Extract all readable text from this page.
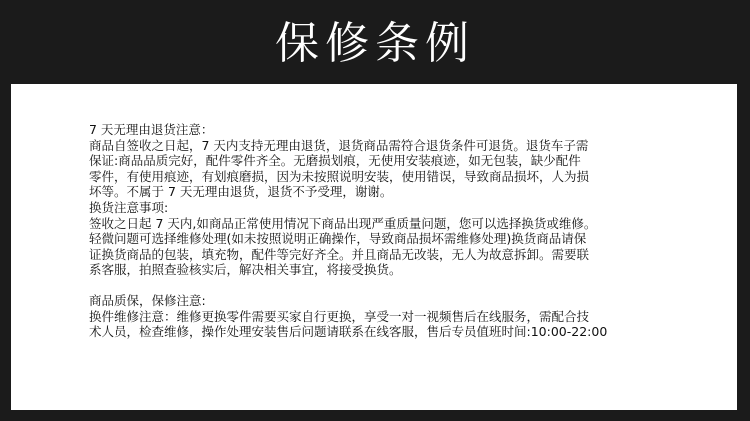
保修条例

7 天无理由退货注意：

商品自签收之日起，7 天内支持无理由退货，退货商品需符合退货条件可退货。退货车子需

保证:商品品质完好，配件零件齐全。无磨损划痕，无使用安装痕迹，如无包装，缺少配件

零件，有使用痕迹，有划痕磨损，因为未按照说明安装，使用错误，导致商品损坏，人为损

坏等。不属于 7 天无理由退货，退货不予受理，谢谢。

换货注意事项:

签收之日起 7 天内,如商品正常使用情况下商品出现严重质量问题，您可以选择换货或维修。

轻微问题可选择维修处理(如未按照说明正确操作，导致商品损坏需维修处理)换货商品请保

证换货商品的包装，填充物，配件等完好齐全。并且商品无改装，无人为故意拆卸。需要联

系客服，拍照查验核实后，解决相关事宜，将接受换货。

商品质保，保修注意:

换件维修注意：维修更换零件需要买家自行更换，享受一对一视频售后在线服务，需配合技

术人员，检查维修，操作处理安装售后问题请联系在线客服，售后专员值班时间:10:00-22:00
